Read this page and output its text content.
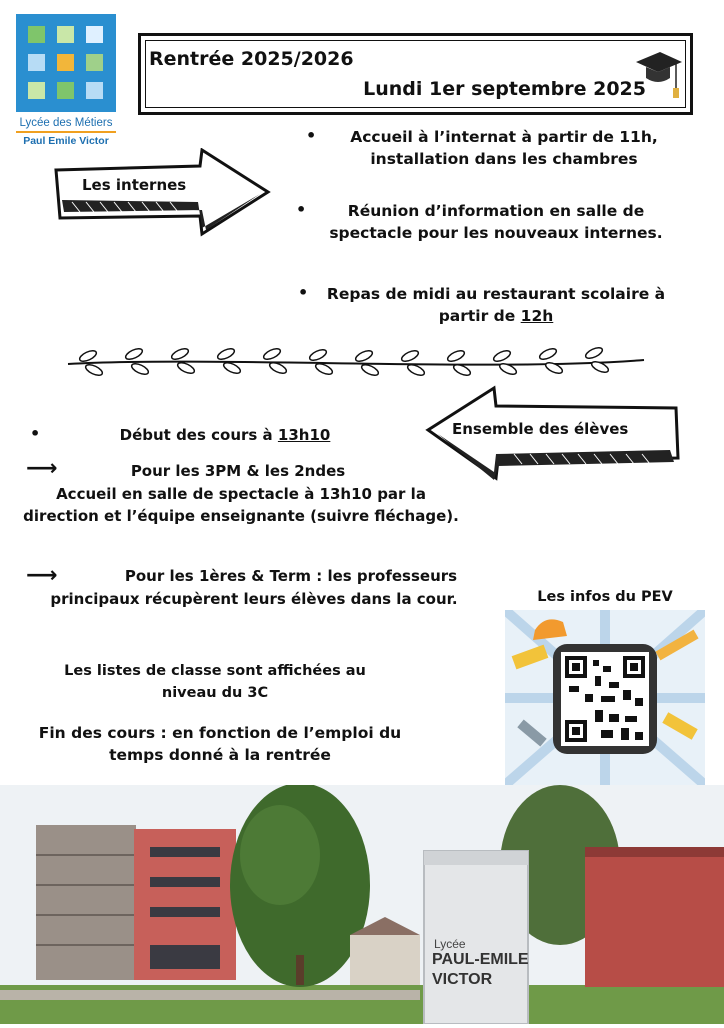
Lycée des Métiers
Paul Emile Victor
Rentrée 2025/2026
Lundi 1er septembre 2025
Les internes
•	Accueil à l’internat à partir de 11h, installation dans les chambres
•	Réunion d’information en salle de spectacle pour les nouveaux internes.
•	Repas de midi au restaurant scolaire à partir de 12h
Ensemble des élèves
•	Début des cours à 13h10
⟶	Pour les 3PM & les 2ndes
Accueil en salle de spectacle à 13h10 par la direction et l’équipe enseignante (suivre fléchage).
⟶	Pour les 1ères & Term : les professeurs
principaux récupèrent leurs élèves dans la cour.
Les listes de classe sont affichées au niveau du 3C
Fin des cours : en fonction de l’emploi du temps donné à la rentrée
Les infos du PEV
Lycée
PAUL-EMILE
VICTOR
